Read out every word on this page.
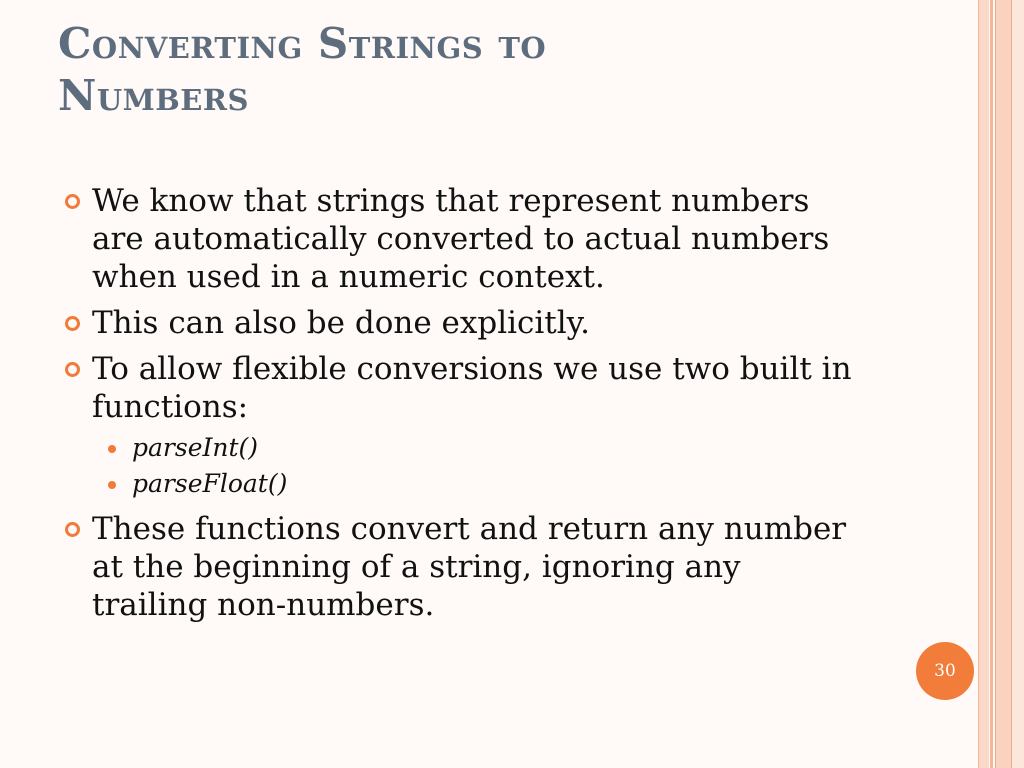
Converting Strings to
Numbers
We know that strings that represent numbers are automatically converted to actual numbers when used in a numeric context.
This can also be done explicitly.
To allow flexible conversions we use two built in functions:
parseInt()
parseFloat()
These functions convert and return any number at the beginning of a string, ignoring any trailing non-numbers.
30
